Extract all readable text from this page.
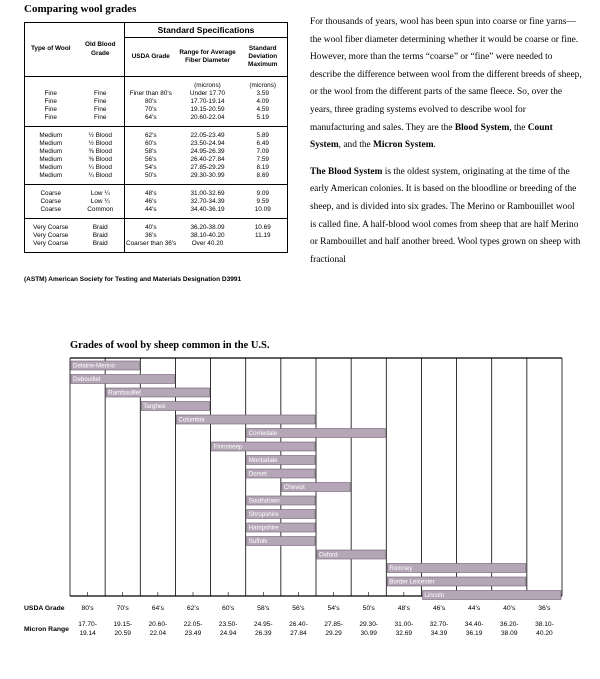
Comparing wool grades
Type of Wool	Old Blood Grade	Standard Specifications		
		USDA Grade	Range for Average Fiber Diameter	Standard Deviation Maximum
			(microns)	(microns)
Fine	Fine	Finer than 80's	Under 17.70	3.59
Fine	Fine	80's	17.70-19.14	4.09
Fine	Fine	70's	19.15-20.59	4.59
Fine	Fine	64's	20.60-22.04	5.19
Medium	½ Blood	62's	22.05-23.49	5.89
Medium	½ Blood	60's	23.50-24.94	6.49
Medium	⅜ Blood	58's	24.95-26.39	7.09
Medium	⅜ Blood	56's	26.40-27.84	7.59
Medium	¼ Blood	54's	27.85-29.29	8.19
Medium	¼ Blood	50's	29.30-30.99	8.69
Coarse	Low ¼	48's	31.00-32.69	9.09
Coarse	Low ¼	46's	32.70-34.39	9.59
Coarse	Common	44's	34.40-36.19	10.09
Very Coarse	Braid	40's	36.20-38.09	10.69
Very Coarse	Braid	36's	38.10-40.20	11.19
Very Coarse	Braid	Coarser than 36's	Over 40.20	
(ASTM) American Society for Testing and Materials Designation D3991

For thousands of years, wool has been spun into coarse or fine yarns—the wool fiber diameter determining whether it would be coarse or fine. However, more than the terms “coarse” or “fine” were needed to describe the difference between wool from the different breeds of sheep, or the wool from the different parts of the same fleece. So, over the years, three grading systems evolved to describe wool for manufacturing and sales. They are the Blood System, the Count System, and the Micron System.

The Blood System is the oldest system, originating at the time of the early American colonies. It is based on the bloodline or breeding of the sheep, and is divided into six grades. The Merino or Rambouillet wool is called fine. A half-blood wool comes from sheep that are half Merino or Rambouillet and half another breed. Wool types grown on sheep with fractional

Grades of wool by sheep common in the U.S.
Delaine-Merino
Debouillet
Rambouillet
Targhee
Columbia
Corriedale
Finnsheep
Montadale
Dorset
Cheviot
Southdown
Shropshire
Hampshire
Suffolk
Oxford
Romney
Border Leicester
Lincoln
USDA Grade
Micron Range
80's
17.70-
19.14
70's
19.15-
20.59
64's
20.60-
22.04
62's
22.05-
23.49
60's
23.50-
24.94
58's
24.95-
26.39
56's
26.40-
27.84
54's
27.85-
29.29
50's
29.30-
30.99
48's
31.00-
32.69
46's
32.70-
34.39
44's
34.40-
36.19
40's
36.20-
38.09
36's
38.10-
40.20
